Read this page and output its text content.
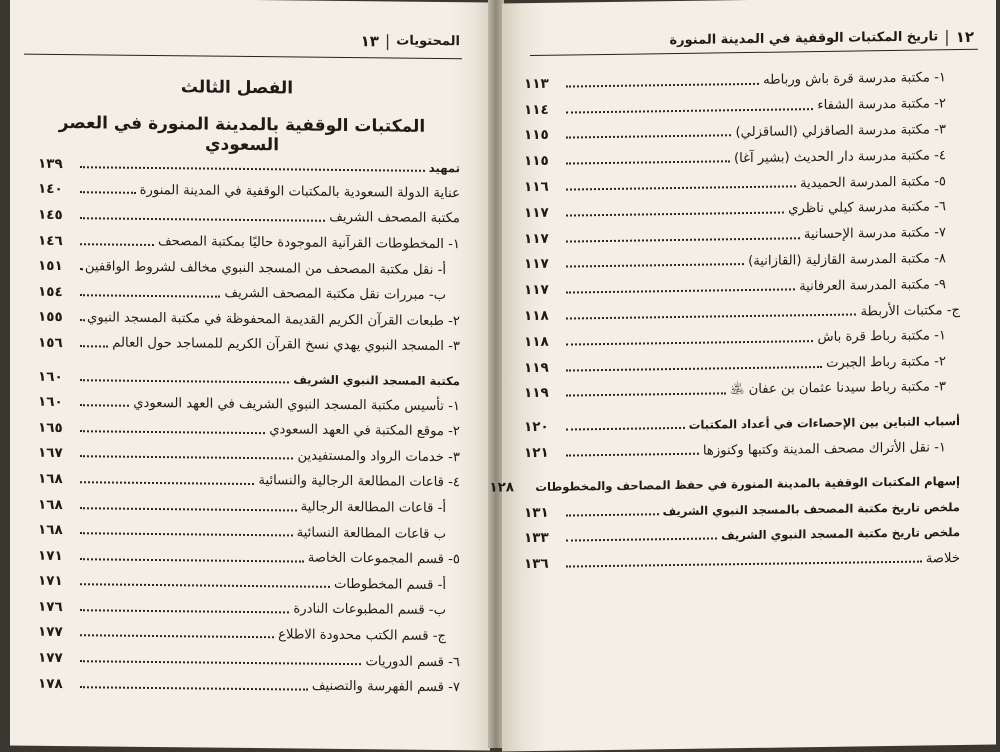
١٣ | المحتويات
الفصل الثالث
المكتبات الوقفية بالمدينة المنورة في العصر السعودي
تمهيد
١٣٩
عناية الدولة السعودية بالمكتبات الوقفية في المدينة المنورة
١٤٠
مكتبة المصحف الشريف
١٤٥
١- المخطوطات القرآنية الموجودة حاليًا بمكتبة المصحف
١٤٦
أ- نقل مكتبة المصحف من المسجد النبوي مخالف لشروط الواقفين
١٥١
ب- مبررات نقل مكتبة المصحف الشريف
١٥٤
٢- طبعات القرآن الكريم القديمة المحفوظة في مكتبة المسجد النبوي
١٥٥
٣- المسجد النبوي يهدي نسخ القرآن الكريم للمساجد حول العالم
١٥٦
مكتبة المسجد النبوي الشريف
١٦٠
١- تأسيس مكتبة المسجد النبوي الشريف في العهد السعودي
١٦٠
٢- موقع المكتبة في العهد السعودي
١٦٥
٣- خدمات الرواد والمستفيدين
١٦٧
٤- قاعات المطالعة الرجالية والنسائية
١٦٨
أ- قاعات المطالعة الرجالية
١٦٨
ب قاعات المطالعة النسائية
١٦٨
٥- قسم المجموعات الخاصة
١٧١
أ- قسم المخطوطات
١٧١
ب- قسم المطبوعات النادرة
١٧٦
ج- قسم الكتب محدودة الاطلاع
١٧٧
٦- قسم الدوريات
١٧٧
٧- قسم الفهرسة والتصنيف
١٧٨
١٢
|
تاريخ المكتبات الوقفية في المدينة المنورة
١- مكتبة مدرسة قرة باش ورباطه
١١٣
٢- مكتبة مدرسة الشفاء
١١٤
٣- مكتبة مدرسة الصاقزلي (الساقزلي)
١١٥
٤- مكتبة مدرسة دار الحديث (بشير آغا)
١١٥
٥- مكتبة المدرسة الحميدية
١١٦
٦- مكتبة مدرسة كيلي ناظري
١١٧
٧- مكتبة مدرسة الإحسانية
١١٧
٨- مكتبة المدرسة القازلية (القازانية)
١١٧
٩- مكتبة المدرسة العرفانية
١١٧
ج- مكتبات الأربطة
١١٨
١- مكتبة رباط قرة باش
١١٨
٢- مكتبة رباط الجبرت
١١٩
٣- مكتبة رباط سيدنا عثمان بن عفان ﵁
١١٩
أسباب التباين بين الإحصاءات في أعداد المكتبات
١٢٠
١- نقل الأتراك مصحف المدينة وكتبها وكنوزها
١٢١
إسهام المكتبات الوقفية بالمدينة المنورة في حفظ المصاحف والمخطوطات
١٢٨
ملخص تاريخ مكتبة المصحف بالمسجد النبوي الشريف
١٣١
ملخص تاريخ مكتبة المسجد النبوي الشريف
١٣٣
خلاصة
١٣٦
